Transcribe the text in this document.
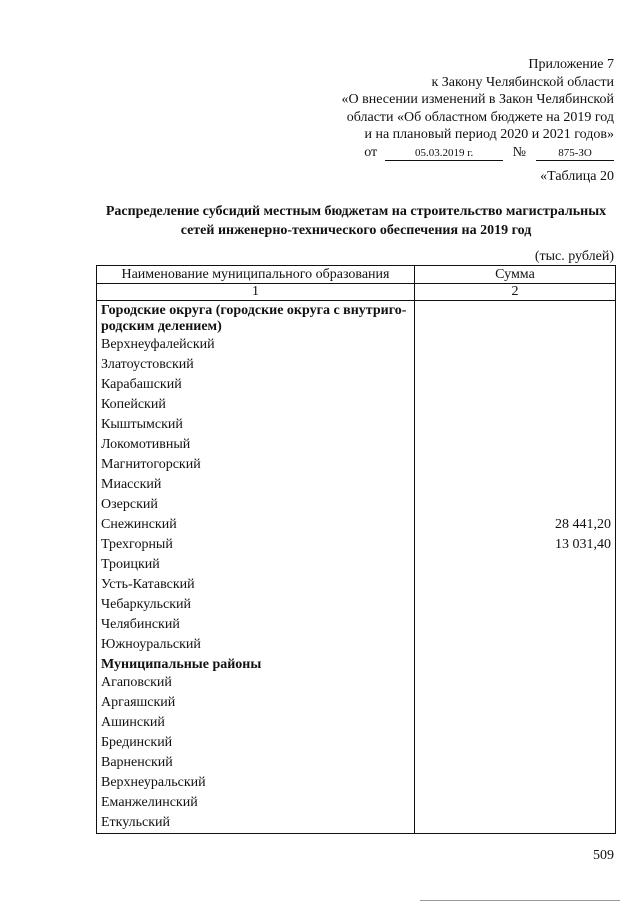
Приложение 7
к Закону Челябинской области
«О внесении изменений в Закон Челябинской
области «Об областном бюджете на 2019 год
и на плановый период 2020 и 2021 годов»
от	05.03.2019 г.	№	875-ЗО
«Таблица 20
Распределение субсидий местным бюджетам на строительство магистральных сетей инженерно-технического обеспечения на 2019 год
(тыс. рублей)
Наименование муниципального образования	Сумма
1	2
Городские округа (городские округа с внутриго-родским делением)	
Верхнеуфалейский	
Златоустовский	
Карабашский	
Копейский	
Кыштымский	
Локомотивный	
Магнитогорский	
Миасский	
Озерский	
Снежинский	28 441,20
Трехгорный	13 031,40
Троицкий	
Усть-Катавский	
Чебаркульский	
Челябинский	
Южноуральский	
Муниципальные районы	
Агаповский	
Аргаяшский	
Ашинский	
Брединский	
Варненский	
Верхнеуральский	
Еманжелинский	
Еткульский	
509
